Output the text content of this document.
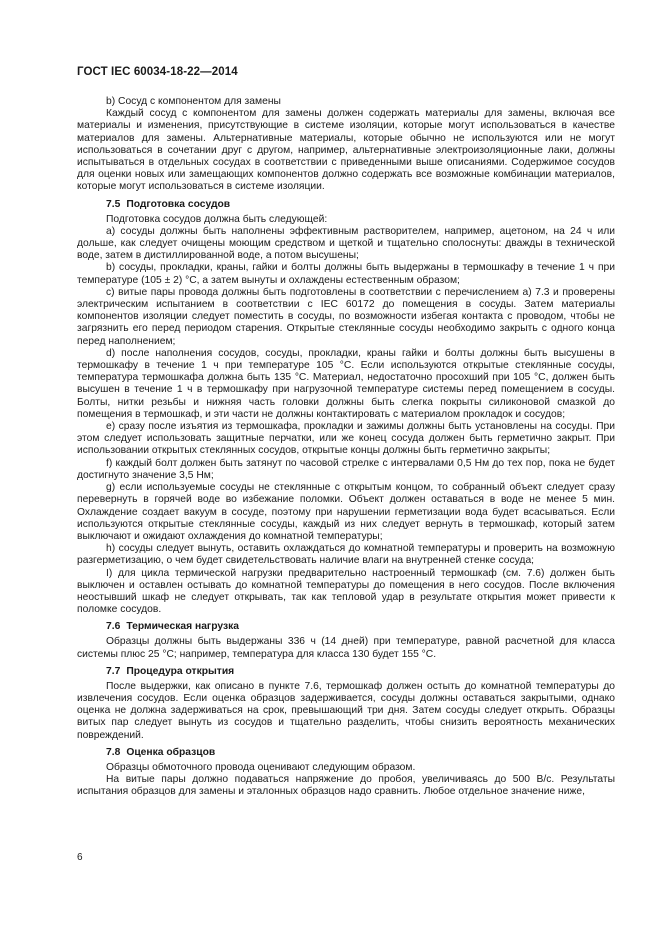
ГОСТ IEC 60034-18-22—2014

b) Сосуд с компонентом для замены

Каждый сосуд с компонентом для замены должен содержать материалы для замены, включая все материалы и изменения, присутствующие в системе изоляции, которые могут использоваться в качестве материалов для замены. Альтернативные материалы, которые обычно не используются или не могут использоваться в сочетании друг с другом, например, альтернативные электроизоляционные лаки, должны испытываться в отдельных сосудах в соответствии с приведенными выше описаниями. Содержимое сосудов для оценки новых или замещающих компонентов должно содержать все возможные комбинации материалов, которые могут использоваться в системе изоляции.

7.5 Подготовка сосудов

Подготовка сосудов должна быть следующей:

а) сосуды должны быть наполнены эффективным растворителем, например, ацетоном, на 24 ч или дольше, как следует очищены моющим средством и щеткой и тщательно сполоснуты: дважды в технической воде, затем в дистиллированной воде, а потом высушены;

b) сосуды, прокладки, краны, гайки и болты должны быть выдержаны в термошкафу в течение 1 ч при температуре (105 ± 2) °С, а затем вынуты и охлаждены естественным образом;

c) витые пары провода должны быть подготовлены в соответствии с перечислением а) 7.3 и проверены электрическим испытанием в соответствии с IEC 60172 до помещения в сосуды. Затем материалы компонентов изоляции следует поместить в сосуды, по возможности избегая контакта с проводом, чтобы не загрязнить его перед периодом старения. Открытые стеклянные сосуды необходимо закрыть с одного конца перед наполнением;

d) после наполнения сосудов, сосуды, прокладки, краны гайки и болты должны быть высушены в термошкафу в течение 1 ч при температуре 105 °С. Если используются открытые стеклянные сосуды, температура термошкафа должна быть 135 °С. Материал, недостаточно просохший при 105 °С, должен быть высушен в течение 1 ч в термошкафу при нагрузочной температуре системы перед помещением в сосуды. Болты, нитки резьбы и нижняя часть головки должны быть слегка покрыты силиконовой смазкой до помещения в термошкаф, и эти части не должны контактировать с материалом прокладок и сосудов;

e) сразу после изъятия из термошкафа, прокладки и зажимы должны быть установлены на сосуды. При этом следует использовать защитные перчатки, или же конец сосуда должен быть герметично закрыт. При использовании открытых стеклянных сосудов, открытые концы должны быть герметично закрыты;

f) каждый болт должен быть затянут по часовой стрелке с интервалами 0,5 Нм до тех пор, пока не будет достигнуто значение 3,5 Нм;

g) если используемые сосуды не стеклянные с открытым концом, то собранный объект следует сразу перевернуть в горячей воде во избежание поломки. Объект должен оставаться в воде не менее 5 мин. Охлаждение создает вакуум в сосуде, поэтому при нарушении герметизации вода будет всасываться. Если используются открытые стеклянные сосуды, каждый из них следует вернуть в термошкаф, который затем выключают и ожидают охлаждения до комнатной температуры;

h) сосуды следует вынуть, оставить охлаждаться до комнатной температуры и проверить на возможную разгерметизацию, о чем будет свидетельствовать наличие влаги на внутренней стенке сосуда;

I) для цикла термической нагрузки предварительно настроенный термошкаф (см. 7.6) должен быть выключен и оставлен остывать до комнатной температуры до помещения в него сосудов. После включения неостывший шкаф не следует открывать, так как тепловой удар в результате открытия может привести к поломке сосудов.

7.6 Термическая нагрузка

Образцы должны быть выдержаны 336 ч (14 дней) при температуре, равной расчетной для класса системы плюс 25 °С; например, температура для класса 130 будет 155 °С.

7.7 Процедура открытия

После выдержки, как описано в пункте 7.6, термошкаф должен остыть до комнатной температуры до извлечения сосудов. Если оценка образцов задерживается, сосуды должны оставаться закрытыми, однако оценка не должна задерживаться на срок, превышающий три дня. Затем сосуды следует открыть. Образцы витых пар следует вынуть из сосудов и тщательно разделить, чтобы снизить вероятность механических повреждений.

7.8 Оценка образцов

Образцы обмоточного провода оценивают следующим образом.

На витые пары должно подаваться напряжение до пробоя, увеличиваясь до 500 В/с. Результаты испытания образцов для замены и эталонных образцов надо сравнить. Любое отдельное значение ниже,

6
